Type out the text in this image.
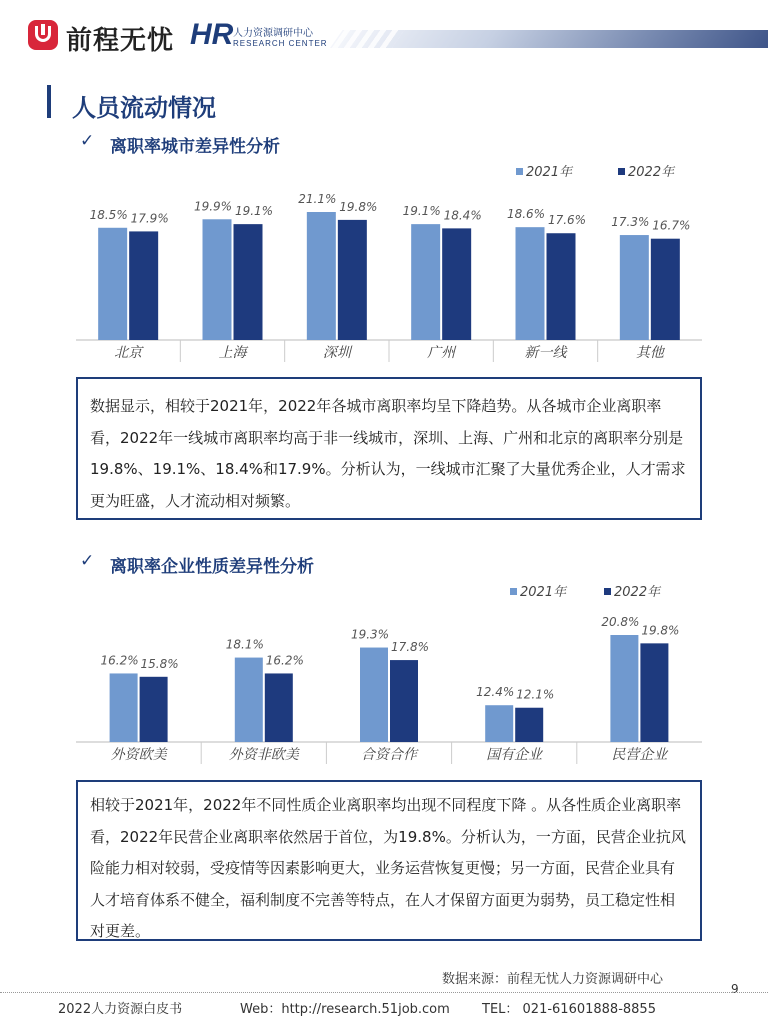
前程无忧 HR 人力资源调研中心
RESEARCH CENTER
人员流动情况
✓ 离职率城市差异性分析
2021年	2022年
18.5% 17.9%
北京
19.9% 19.1%
上海
21.1%
19.8%
深圳
19.1% 18.4%
广州
18.6% 17.6%
新一线
17.3% 16.7%
其他

数据显示，相较于2021年，2022年各城市离职率均呈下降趋势。从各城市企业离职率看，2022年一线城市离职率均高于非一线城市，深圳、上海、广州和北京的离职率分别是19.8%、19.1%、18.4%和17.9%。分析认为，一线城市汇聚了大量优秀企业，人才需求更为旺盛，人才流动相对频繁。

✓ 离职率企业性质差异性分析
2021年	2022年
16.2% 15.8%
外资欧美
18.1%
16.2%
外资非欧美
19.3%
17.8%
合资合作
12.4% 12.1%
国有企业
20.8%
19.8%
民营企业

相较于2021年，2022年不同性质企业离职率均出现不同程度下降 。从各性质企业离职率看，2022年民营企业离职率依然居于首位，为19.8%。分析认为，一方面，民营企业抗风险能力相对较弱，受疫情等因素影响更大，业务运营恢复更慢；另一方面，民营企业具有人才培育体系不健全，福利制度不完善等特点，在人才保留方面更为弱势，员工稳定性相对更差。

数据来源：前程无忧人力资源调研中心
9
2022人力资源白皮书	Web：http://research.51job.com TEL： 021-61601888-8855
